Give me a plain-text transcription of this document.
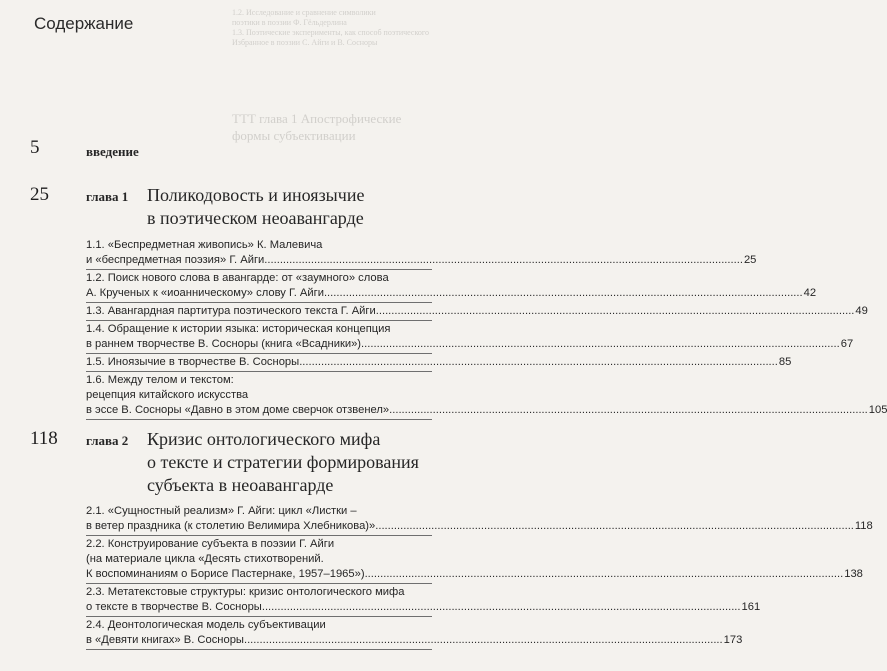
1.2. Исследование и сравнение символики
поэтики в поэзии Ф. Гёльдерлина
1.3. Поэтические эксперименты, как способ поэтического
Избранное в поэзии С. Айги и В. Сосноры
ТТТ глава 1 Апострофические
формы субъективации
Содержание
5	введение
25	глава 1 Поликодовость и иноязычие
в поэтическом неоавангарде
1.1. «Беспредметная живопись» К. Малевича
и «беспредметная поэзия» Г. Айги .....	25
1.2. Поиск нового слова в авангарде: от «заумного» слова
А. Крученых к «иоанническому» слову Г. Айги .....	42
1.3. Авангардная партитура поэтического текста Г. Айги .....	49
1.4. Обращение к истории языка: историческая концепция
в раннем творчестве В. Сосноры (книга «Всадники») .....	67
1.5. Иноязычие в творчестве В. Сосноры .....	85
1.6. Между телом и текстом:
рецепция китайского искусства
в эссе В. Сосноры «Давно в этом доме сверчок отзвенел» .....	105
118 глава 2 Кризис онтологического мифа
о тексте и стратегии формирования
субъекта в неоавангарде
2.1. «Сущностный реализм» Г. Айги: цикл «Листки –
в ветер праздника (к столетию Велимира Хлебникова)» .....	118
2.2. Конструирование субъекта в поэзии Г. Айги
(на материале цикла «Десять стихотворений.
К воспоминаниям о Борисе Пастернаке, 1957–1965») .....	138
2.3. Метатекстовые структуры: кризис онтологического мифа
о тексте в творчестве В. Сосноры .....	161
2.4. Деонтологическая модель субъективации
в «Девяти книгах» В. Сосноры .....	173
